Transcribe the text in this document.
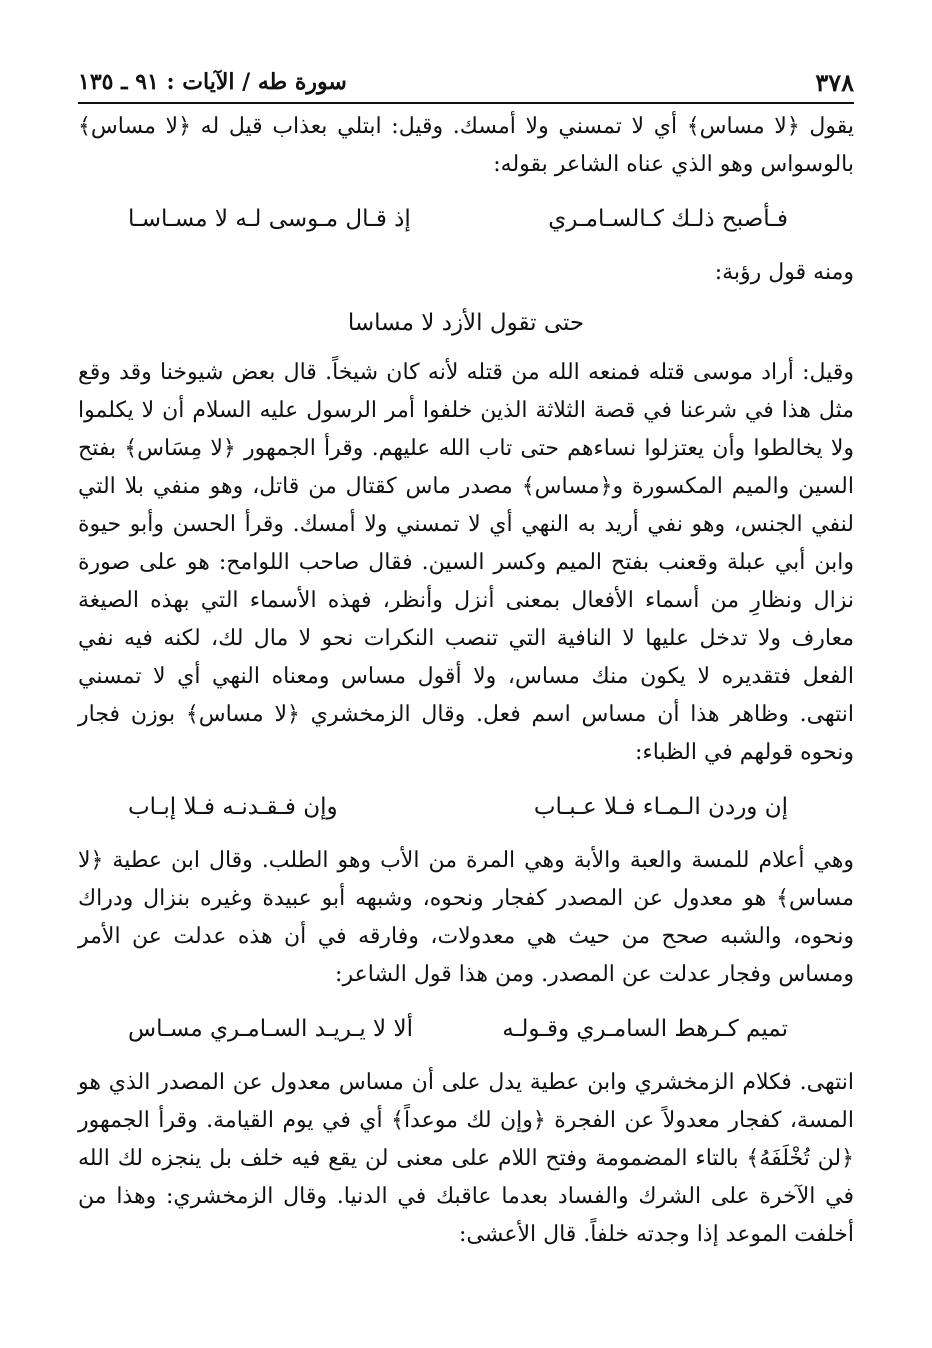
٣٧٨
سورة طه / الآيات : ٩١ ـ ١٣٥

يقول ﴿لا مساس﴾ أي لا تمسني ولا أمسك. وقيل: ابتلي بعذاب قيل له ﴿لا مساس﴾ بالوسواس وهو الذي عناه الشاعر بقوله:

فـأصبح ذلـك كـالسـامـري
إذ قـال مـوسى لـه لا مسـاسـا

ومنه قول رؤبة:

حتى تقول الأزد لا مساسا

وقيل: أراد موسى قتله فمنعه الله من قتله لأنه كان شيخاً. قال بعض شيوخنا وقد وقع مثل هذا في شرعنا في قصة الثلاثة الذين خلفوا أمر الرسول عليه السلام أن لا يكلموا ولا يخالطوا وأن يعتزلوا نساءهم حتى تاب الله عليهم. وقرأ الجمهور ﴿لا مِسَاس﴾ بفتح السين والميم المكسورة و﴿مساس﴾ مصدر ماس كقتال من قاتل، وهو منفي بلا التي لنفي الجنس، وهو نفي أريد به النهي أي لا تمسني ولا أمسك. وقرأ الحسن وأبو حيوة وابن أبي عبلة وقعنب بفتح الميم وكسر السين. فقال صاحب اللوامح: هو على صورة نزال ونظارِ من أسماء الأفعال بمعنى أنزل وأنظر، فهذه الأسماء التي بهذه الصيغة معارف ولا تدخل عليها لا النافية التي تنصب النكرات نحو لا مال لك، لكنه فيه نفي الفعل فتقديره لا يكون منك مساس، ولا أقول مساس ومعناه النهي أي لا تمسني انتهى. وظاهر هذا أن مساس اسم فعل. وقال الزمخشري ﴿لا مساس﴾ بوزن فجار ونحوه قولهم في الظباء:

إن وردن الـمـاء فـلا عـبـاب
وإن فـقـدنـه فـلا إبـاب

وهي أعلام للمسة والعبة والأبة وهي المرة من الأب وهو الطلب. وقال ابن عطية ﴿لا مساس﴾ هو معدول عن المصدر كفجار ونحوه، وشبهه أبو عبيدة وغيره بنزال ودراك ونحوه، والشبه صحح من حيث هي معدولات، وفارقه في أن هذه عدلت عن الأمر ومساس وفجار عدلت عن المصدر. ومن هذا قول الشاعر:

تميم كـرهط السامـري وقـولـه
ألا لا يـريـد السـامـري مسـاس

انتهى. فكلام الزمخشري وابن عطية يدل على أن مساس معدول عن المصدر الذي هو المسة، كفجار معدولاً عن الفجرة ﴿وإن لك موعداً﴾ أي في يوم القيامة. وقرأ الجمهور ﴿لن تُخْلَفَهُ﴾ بالتاء المضمومة وفتح اللام على معنى لن يقع فيه خلف بل ينجزه لك الله في الآخرة على الشرك والفساد بعدما عاقبك في الدنيا. وقال الزمخشري: وهذا من أخلفت الموعد إذا وجدته خلفاً. قال الأعشى:
